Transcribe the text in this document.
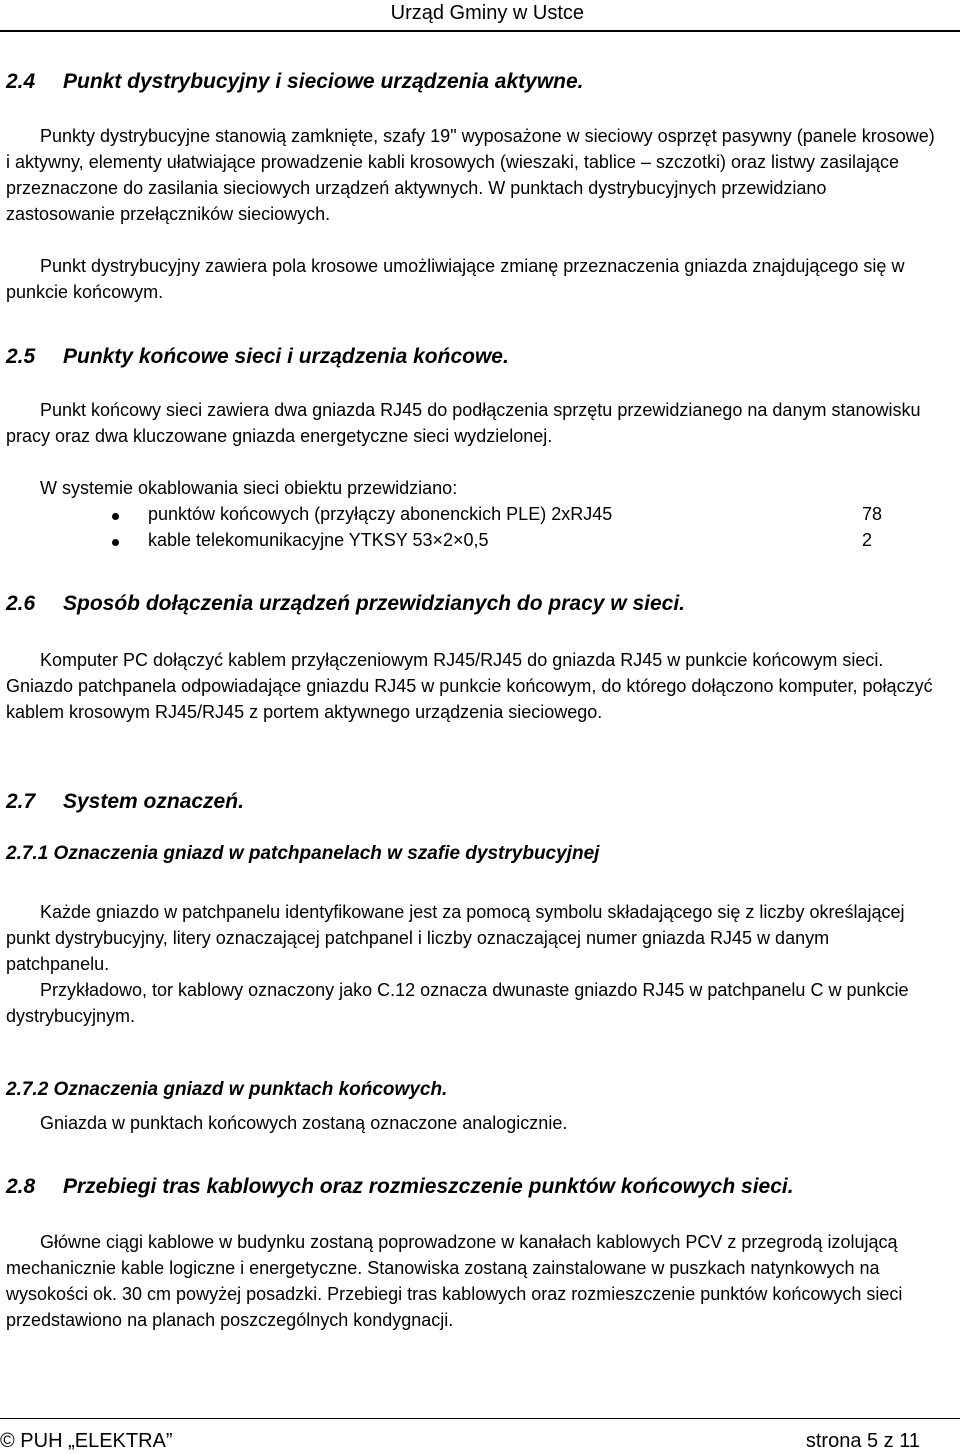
Urząd Gminy w Ustce
2.4 Punkt dystrybucyjny i sieciowe urządzenia aktywne.
Punkty dystrybucyjne stanowią zamknięte, szafy 19" wyposażone w sieciowy osprzęt pasywny (panele krosowe) i aktywny, elementy ułatwiające prowadzenie kabli krosowych (wieszaki, tablice – szczotki) oraz listwy zasilające przeznaczone do zasilania sieciowych urządzeń aktywnych. W punktach dystrybucyjnych przewidziano zastosowanie przełączników sieciowych.
Punkt dystrybucyjny zawiera pola krosowe umożliwiające zmianę przeznaczenia gniazda znajdującego się w punkcie końcowym.
2.5 Punkty końcowe sieci i urządzenia końcowe.
Punkt końcowy sieci zawiera dwa gniazda RJ45 do podłączenia sprzętu przewidzianego na danym stanowisku pracy oraz dwa kluczowane gniazda energetyczne sieci wydzielonej.
W systemie okablowania sieci obiektu przewidziano:
punktów końcowych (przyłączy abonenckich PLE) 2xRJ45	78
kable telekomunikacyjne YTKSY 53×2×0,5	2
2.6 Sposób dołączenia urządzeń przewidzianych do pracy w sieci.
Komputer PC dołączyć kablem przyłączeniowym RJ45/RJ45 do gniazda RJ45 w punkcie końcowym sieci. Gniazdo patchpanela odpowiadające gniazdu RJ45 w punkcie końcowym, do którego dołączono komputer, połączyć kablem krosowym RJ45/RJ45 z portem aktywnego urządzenia sieciowego.
2.7 System oznaczeń.
2.7.1 Oznaczenia gniazd w patchpanelach w szafie dystrybucyjnej
Każde gniazdo w patchpanelu identyfikowane jest za pomocą symbolu składającego się z liczby określającej punkt dystrybucyjny, litery oznaczającej patchpanel i liczby oznaczającej numer gniazda RJ45 w danym patchpanelu.
Przykładowo, tor kablowy oznaczony jako C.12 oznacza dwunaste gniazdo RJ45 w patchpanelu C w punkcie dystrybucyjnym.
2.7.2 Oznaczenia gniazd w punktach końcowych.
Gniazda w punktach końcowych zostaną oznaczone analogicznie.
2.8 Przebiegi tras kablowych oraz rozmieszczenie punktów końcowych sieci.
Główne ciągi kablowe w budynku zostaną poprowadzone w kanałach kablowych PCV z przegrodą izolującą mechanicznie kable logiczne i energetyczne. Stanowiska zostaną zainstalowane w puszkach natynkowych na wysokości ok. 30 cm powyżej posadzki. Przebiegi tras kablowych oraz rozmieszczenie punktów końcowych sieci przedstawiono na planach poszczególnych kondygnacji.
© PUH „ELEKTRA”	strona 5 z 11
